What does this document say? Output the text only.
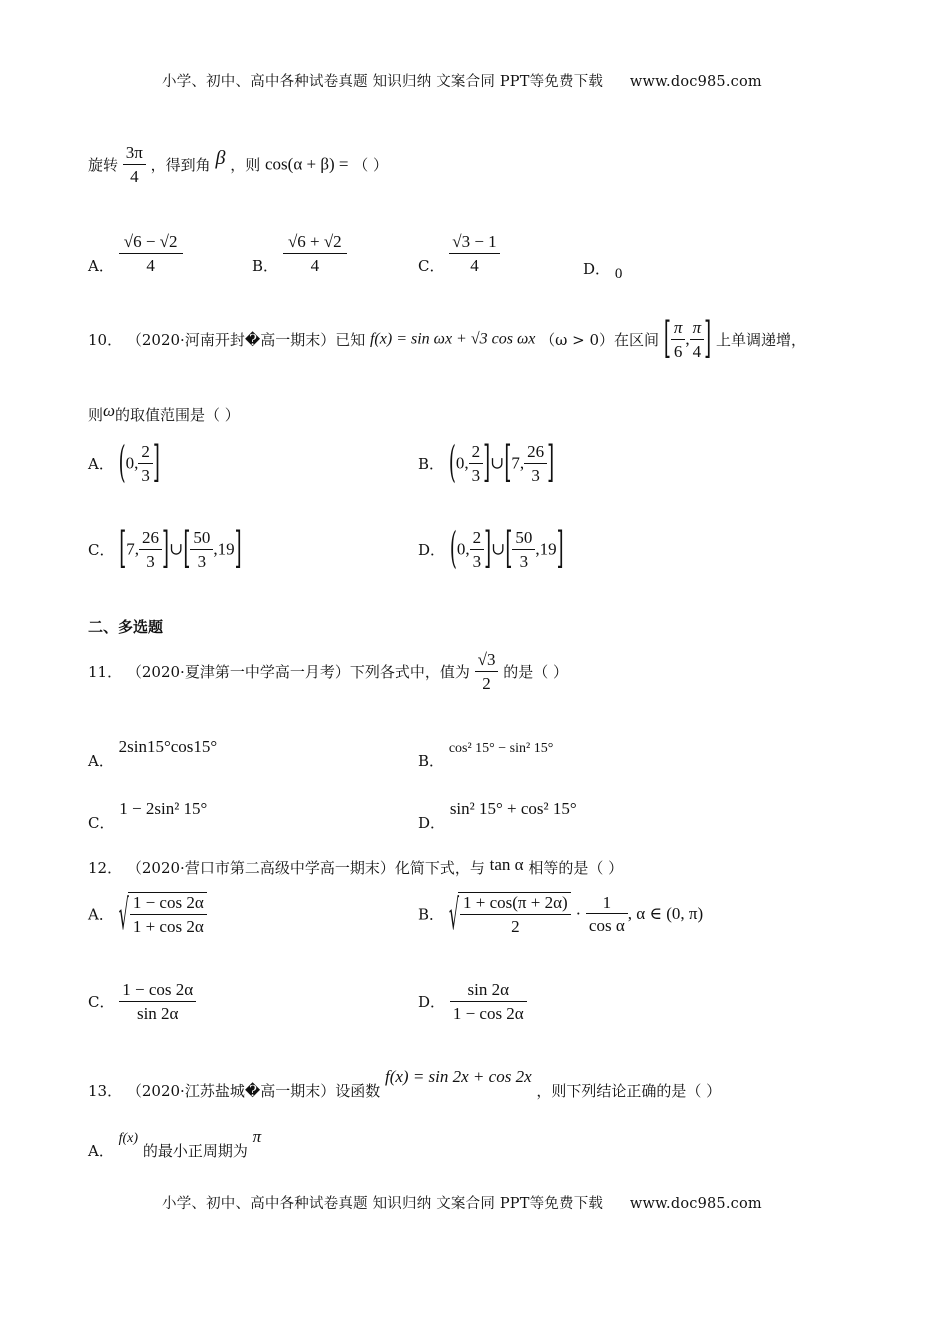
小学、初中、高中各种试卷真题 知识归纳 文案合同 PPT等免费下载 www.doc985.com
旋转 $\frac{3\pi}{4}$ ，得到角 β ，则 cos(α + β) = （ ）
A． $\frac{√6 - √2}{4}$	B． $\frac{√6 + √2}{4}$	C． $\frac{√3 - 1}{4}$	D． 0
10． （2020·河南开封�高一期末）已知 f(x) = sin ωx + √3 cos ωx （ω > 0）在区间 [ $\frac{\pi}{6}$ , $\frac{\pi}{4}$ ] 上单调递增，
则ω的取值范围是（ ）
A． (0, $\frac{2}{3}$ ]	B． (0, $\frac{2}{3}$ ]∪[7, $\frac{26}{3}$ ]
C． [7, $\frac{26}{3}$ ]∪[ $\frac{50}{3} ,19$]	D． (0, $\frac{2}{3}$ ]∪[ $\frac{50}{3} ,19$]
二、多选题
11． （2020·夏津第一中学高一月考）下列各式中，值为 $\frac{√3}{2}$ 的是（ ）
A． 2sin15°cos15°
B． cos² 15° − sin² 15°
C． 1 − 2sin² 15°
D． sin² 15° + cos² 15°
12． （2020·营口市第二高级中学高一期末）化简下式，与 tan α 相等的是（ ）
A． √ $\frac{1 - \cos 2\alpha}{1 + \cos 2\alpha}$	B． √ $\frac{1 + \cos(\pi + 2\alpha)}{2} \cdot \frac{1}{\text{cos α}}$ , α ∈ (0, π)
C． $\frac{1 - \cos 2\alpha}{\sin 2\alpha}$	D． $\frac{\sin 2\alpha}{1 - \cos 2\alpha}$
13． （2020·江苏盐城�高一期末）设函数 f(x) = sin 2x + cos 2x ，则下列结论正确的是（ ）
A． f(x) 的最小正周期为 π
小学、初中、高中各种试卷真题 知识归纳 文案合同 PPT等免费下载 www.doc985.com
